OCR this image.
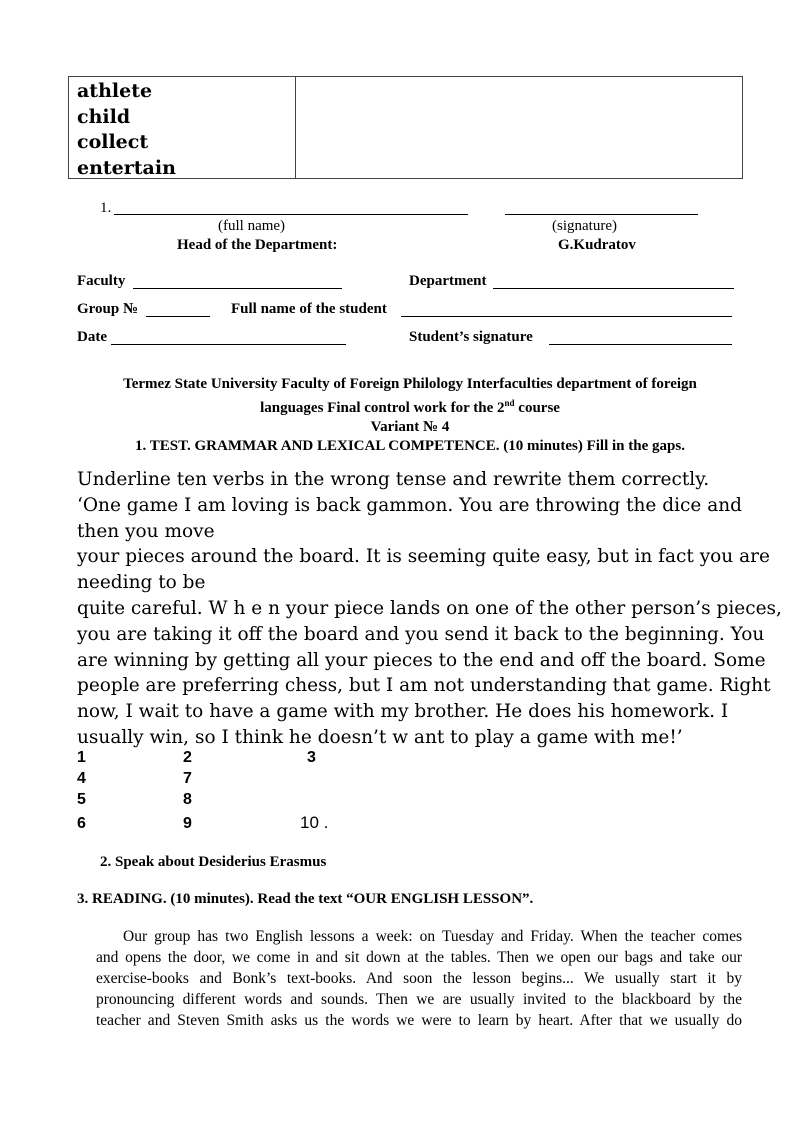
athlete
child
collect
entertain
1.
(full name)	(signature)
Head of the Department:	G.Kudratov
Faculty	Department
Group №	Full name of the student
Date	Student’s signature
Termez State University Faculty of Foreign Philology Interfaculties department of foreign
languages Final control work for the 2nd course
Variant № 4
1. TEST. GRAMMAR AND LEXICAL COMPETENCE. (10 minutes) Fill in the gaps.
Underline ten verbs in the wrong tense and rewrite them correctly.
‘One game I am loving is back gammon. You are throwing the dice and
then you move
your pieces around the board. It is seeming quite easy, but in fact you are
needing to be
quite careful. W h e n your piece lands on one of the other person’s pieces,
you are taking it off the board and you send it back to the beginning. You
are winning by getting all your pieces to the end and off the board. Some
people are preferring chess, but I am not understanding that game. Right
now, I wait to have a game with my brother. He does his homework. I
usually win, so I think he doesn’t w ant to play a game with me!’
1	2	3
4	7
5	8
6	9	10 .
2. Speak about Desiderius Erasmus
3. READING. (10 minutes). Read the text “OUR ENGLISH LESSON”.
Our group has two English lessons a week: on Tuesday and Friday. When the teacher comes
and opens the door, we come in and sit down at the tables. Then we open our bags and take our
exercise-books and Bonk’s text-books. And soon the lesson begins... We usually start it by
pronouncing different words and sounds. Then we are usually invited to the blackboard by the
teacher and Steven Smith asks us the words we were to learn by heart. After that we usually do
